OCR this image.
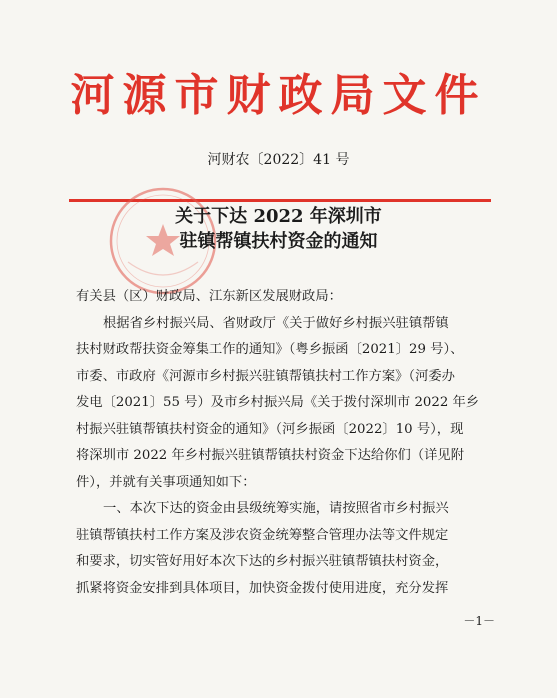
河源市财政局文件
河财农〔2022〕41 号
关于下达 2022 年深圳市
驻镇帮镇扶村资金的通知

有关县（区）财政局、江东新区发展财政局：

根据省乡村振兴局、省财政厅《关于做好乡村振兴驻镇帮镇

扶村财政帮扶资金筹集工作的通知》（粤乡振函〔2021〕29 号）、

市委、市政府《河源市乡村振兴驻镇帮镇扶村工作方案》（河委办

发电〔2021〕55 号）及市乡村振兴局《关于拨付深圳市 2022 年乡

村振兴驻镇帮镇扶村资金的通知》（河乡振函〔2022〕10 号），现

将深圳市 2022 年乡村振兴驻镇帮镇扶村资金下达给你们（详见附

件），并就有关事项通知如下：

一、本次下达的资金由县级统筹实施，请按照省市乡村振兴

驻镇帮镇扶村工作方案及涉农资金统筹整合管理办法等文件规定

和要求，切实管好用好本次下达的乡村振兴驻镇帮镇扶村资金，

抓紧将资金安排到具体项目，加快资金拨付使用进度，充分发挥

－1－
